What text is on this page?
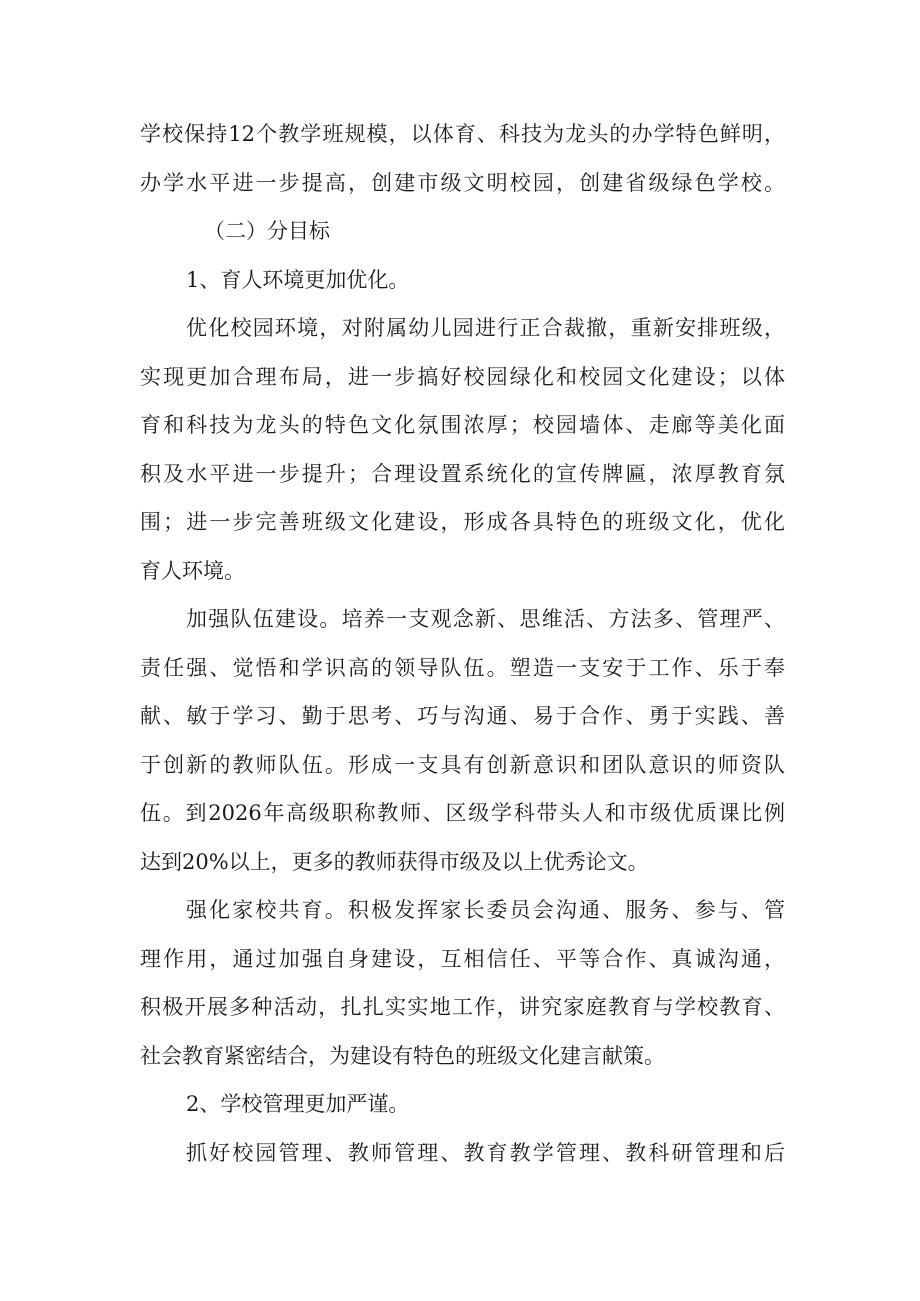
学校保持12个教学班规模，以体育、科技为龙头的办学特色鲜明，
办学水平进一步提高，创建市级文明校园，创建省级绿色学校。
（二）分目标
1、育人环境更加优化。
优化校园环境，对附属幼儿园进行正合裁撤，重新安排班级，
实现更加合理布局，进一步搞好校园绿化和校园文化建设；以体
育和科技为龙头的特色文化氛围浓厚；校园墙体、走廊等美化面
积及水平进一步提升；合理设置系统化的宣传牌匾，浓厚教育氛
围；进一步完善班级文化建设，形成各具特色的班级文化，优化
育人环境。
加强队伍建设。培养一支观念新、思维活、方法多、管理严、
责任强、觉悟和学识高的领导队伍。塑造一支安于工作、乐于奉
献、敏于学习、勤于思考、巧与沟通、易于合作、勇于实践、善
于创新的教师队伍。形成一支具有创新意识和团队意识的师资队
伍。到2026年高级职称教师、区级学科带头人和市级优质课比例
达到20%以上，更多的教师获得市级及以上优秀论文。
强化家校共育。积极发挥家长委员会沟通、服务、参与、管
理作用，通过加强自身建设，互相信任、平等合作、真诚沟通，
积极开展多种活动，扎扎实实地工作，讲究家庭教育与学校教育、
社会教育紧密结合，为建设有特色的班级文化建言献策。
2、学校管理更加严谨。
抓好校园管理、教师管理、教育教学管理、教科研管理和后
